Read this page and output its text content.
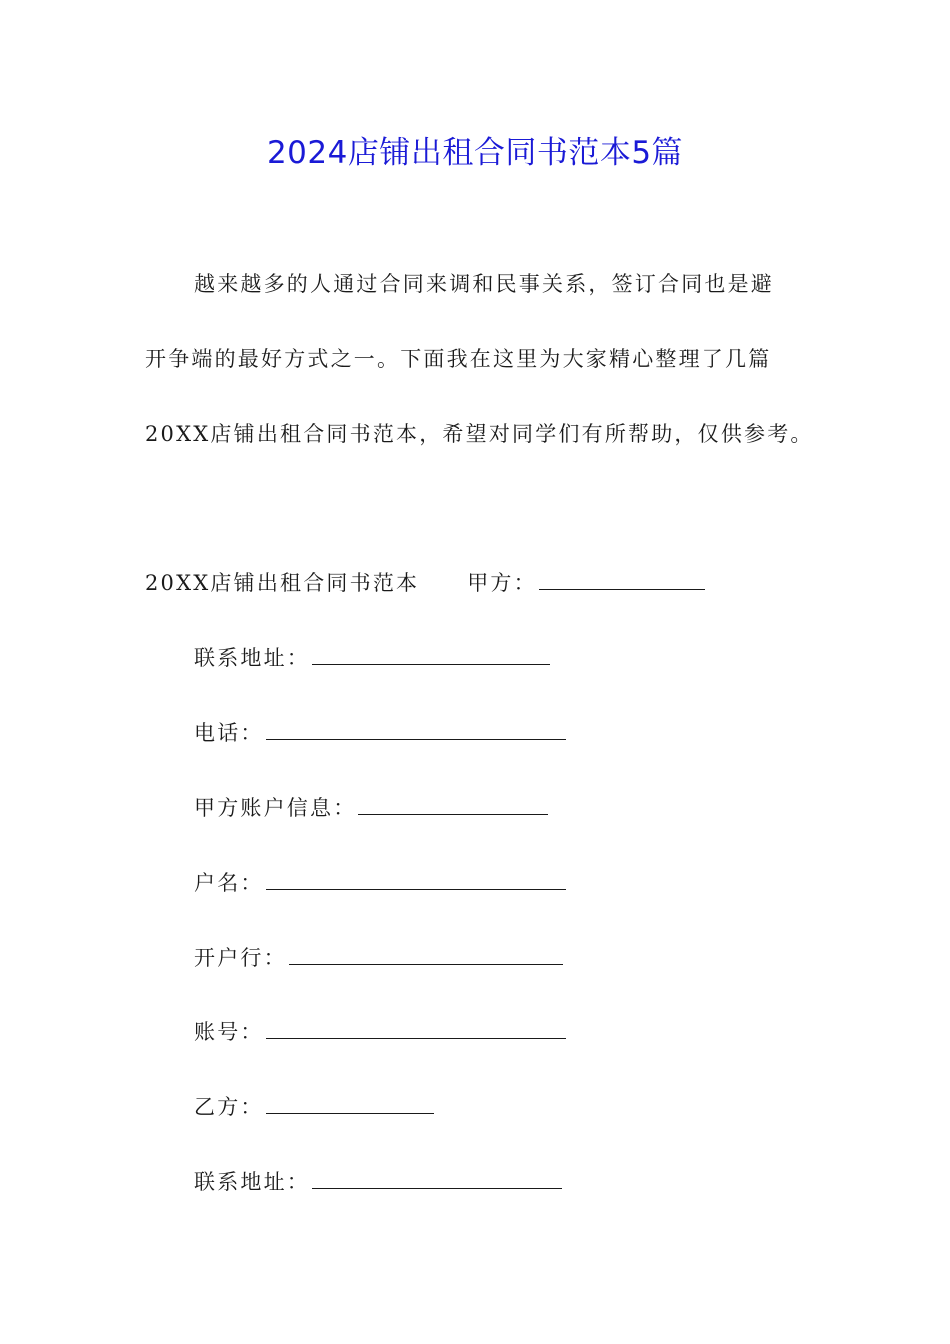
2024店铺出租合同书范本5篇
越来越多的人通过合同来调和民事关系，签订合同也是避
开争端的最好方式之一。下面我在这里为大家精心整理了几篇
20XX店铺出租合同书范本，希望对同学们有所帮助，仅供参考。
20XX店铺出租合同书范本 甲方：
联系地址：
电话：
甲方账户信息：
户名：
开户行：
账号：
乙方：
联系地址：
